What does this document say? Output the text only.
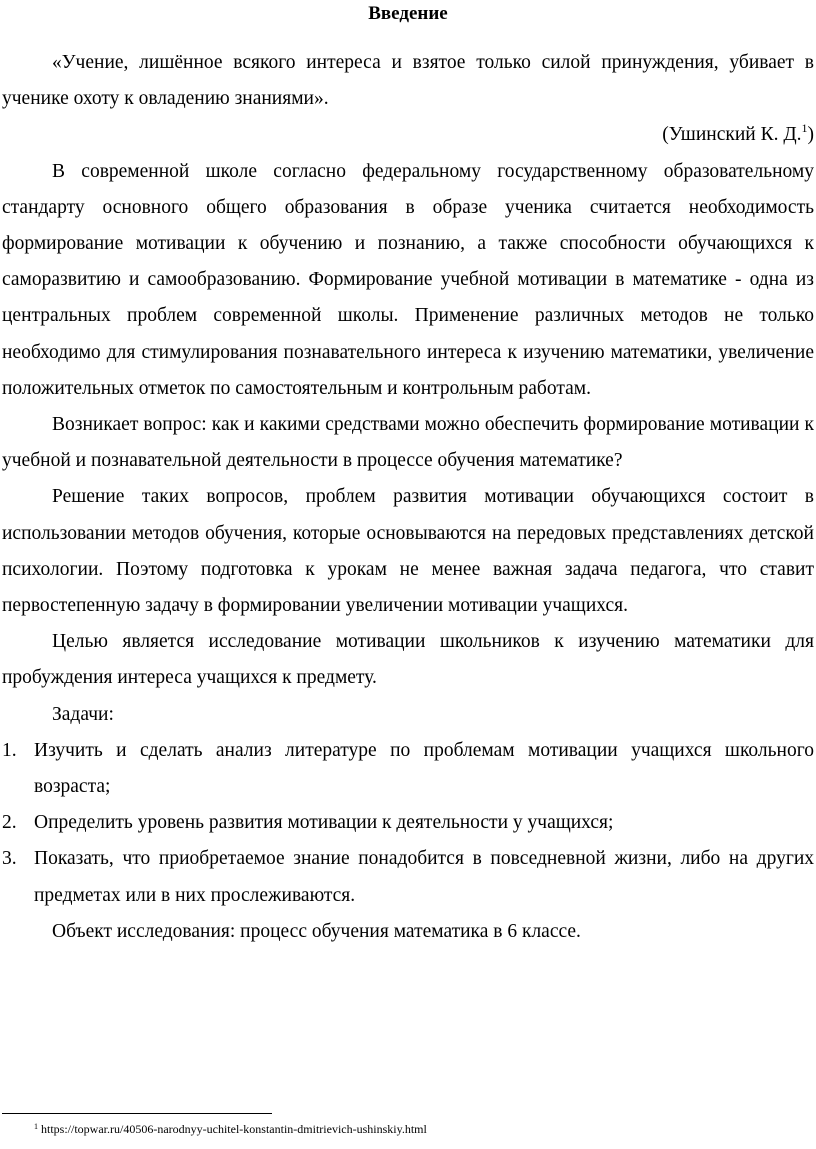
Введение

«Учение, лишённое всякого интереса и взятое только силой принуждения, убивает в ученике охоту к овладению знаниями».

(Ушинский К. Д.$^1$)

В современной школе согласно федеральному государственному образовательному стандарту основного общего образования в образе ученика считается необходимость формирование мотивации к обучению и познанию, а также способности обучающихся к саморазвитию и самообразованию. Формирование учебной мотивации в математике - одна из центральных проблем современной школы. Применение различных методов не только необходимо для стимулирования познавательного интереса к изучению математики, увеличение положительных отметок по самостоятельным и контрольным работам.

Возникает вопрос: как и какими средствами можно обеспечить формирование мотивации к учебной и познавательной деятельности в процессе обучения математике?

Решение таких вопросов, проблем развития мотивации обучающихся состоит в использовании методов обучения, которые основываются на передовых представлениях детской психологии. Поэтому подготовка к урокам не менее важная задача педагога, что ставит первостепенную задачу в формировании увеличении мотивации учащихся.

Целью является исследование мотивации школьников к изучению математики для пробуждения интереса учащихся к предмету.

Задачи:

1. Изучить и сделать анализ литературе по проблемам мотивации учащихся школьного возраста;
2. Определить уровень развития мотивации к деятельности у учащихся;
3. Показать, что приобретаемое знание понадобится в повседневной жизни, либо на других предметах или в них прослеживаются.

Объект исследования: процесс обучения математика в 6 классе.

$^1$ https://topwar.ru/40506-narodnyy-uchitel-konstantin-dmitrievich-ushinskiy.html
